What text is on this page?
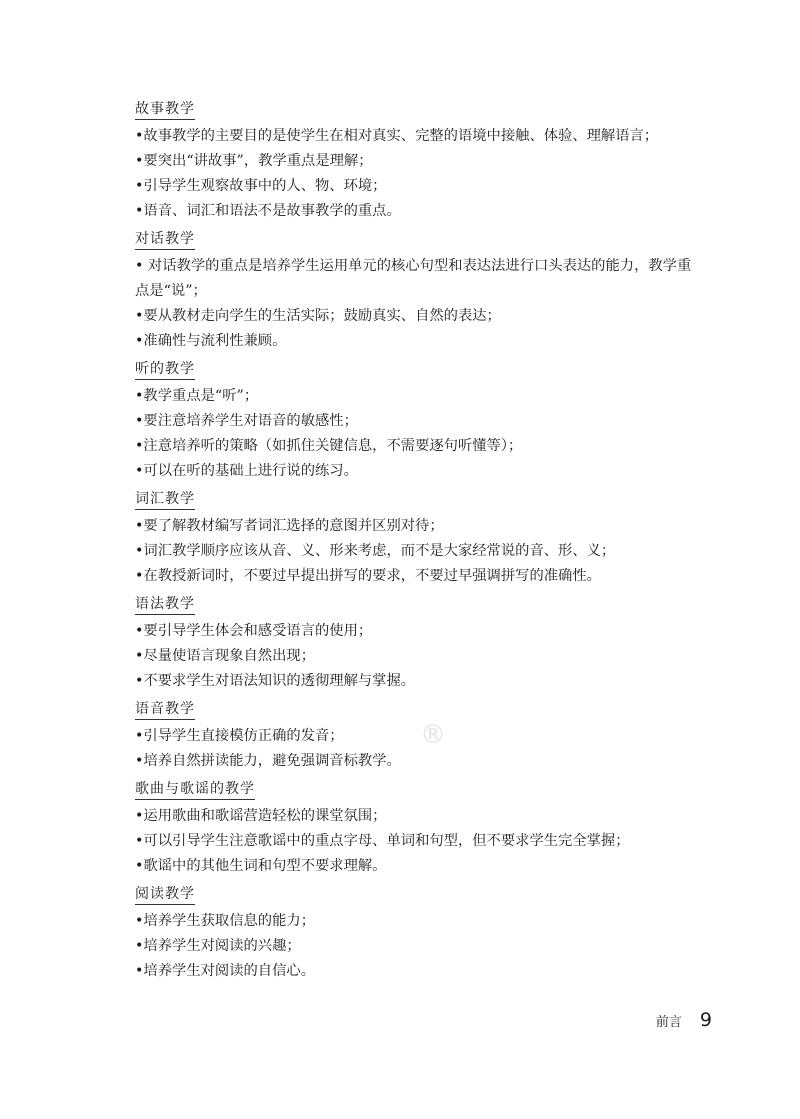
故事教学
•故事教学的主要目的是使学生在相对真实、完整的语境中接触、体验、理解语言；
•要突出“讲故事”，教学重点是理解；
•引导学生观察故事中的人、物、环境；
•语音、词汇和语法不是故事教学的重点。
对话教学
• 对话教学的重点是培养学生运用单元的核心句型和表达法进行口头表达的能力，教学重点是“说”；
•要从教材走向学生的生活实际；鼓励真实、自然的表达；
•准确性与流利性兼顾。
听的教学
•教学重点是“听”；
•要注意培养学生对语音的敏感性；
•注意培养听的策略（如抓住关键信息，不需要逐句听懂等）；
•可以在听的基础上进行说的练习。
词汇教学
•要了解教材编写者词汇选择的意图并区别对待；
•词汇教学顺序应该从音、义、形来考虑，而不是大家经常说的音、形、义；
•在教授新词时，不要过早提出拼写的要求，不要过早强调拼写的准确性。
语法教学
•要引导学生体会和感受语言的使用；
•尽量使语言现象自然出现；
•不要求学生对语法知识的透彻理解与掌握。
语音教学
•引导学生直接模仿正确的发音；
•培养自然拼读能力，避免强调音标教学。
歌曲与歌谣的教学
•运用歌曲和歌谣营造轻松的课堂氛围；
•可以引导学生注意歌谣中的重点字母、单词和句型，但不要求学生完全掌握；
•歌谣中的其他生词和句型不要求理解。
阅读教学
•培养学生获取信息的能力；
•培养学生对阅读的兴趣；
•培养学生对阅读的自信心。
®
前言 9
